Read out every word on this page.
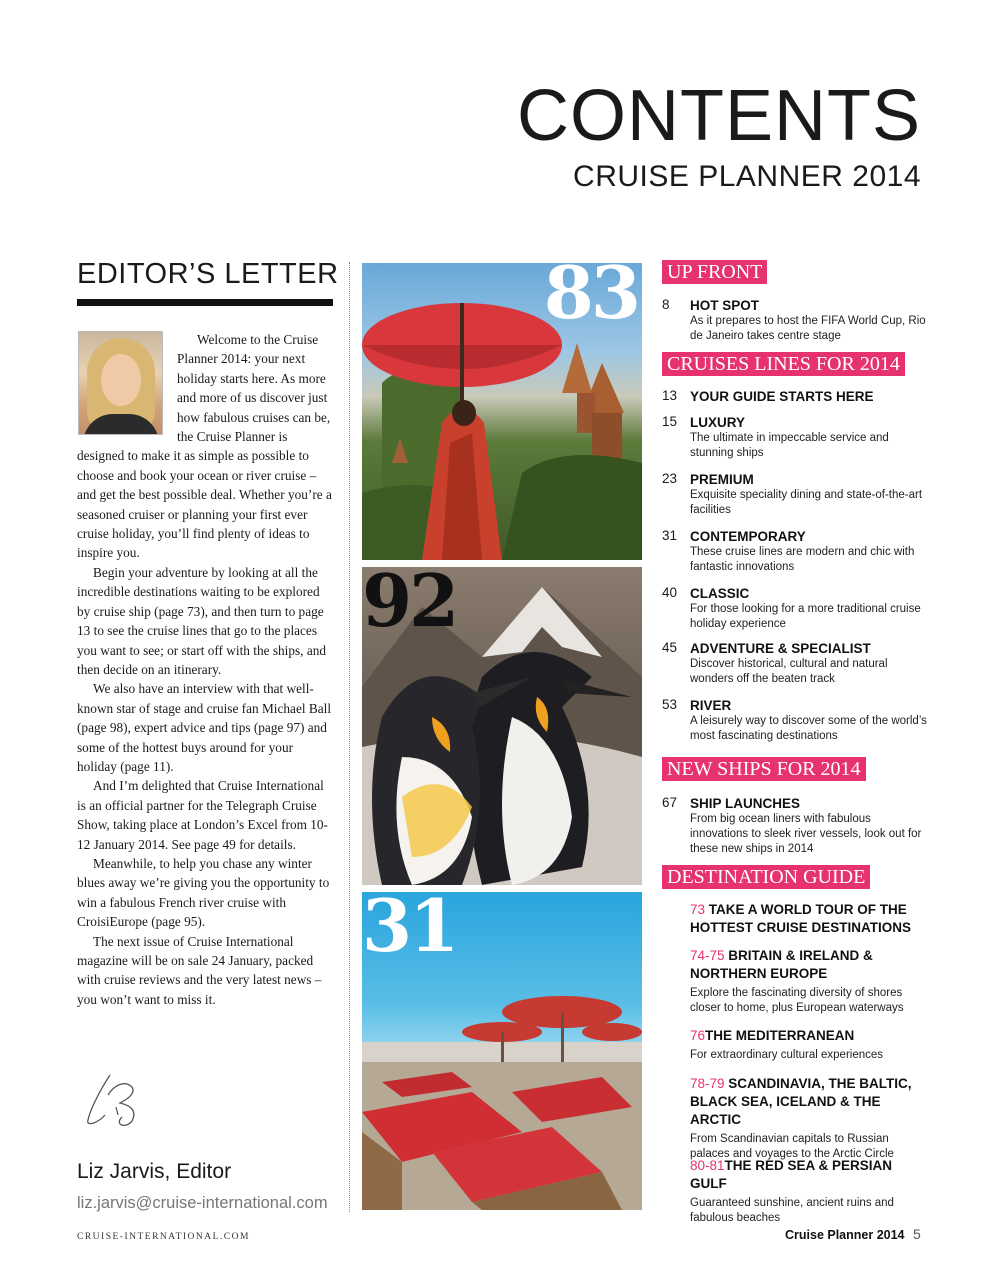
CONTENTS
CRUISE PLANNER 2014
EDITOR’S LETTER

Welcome to the Cruise Planner 2014: your next holiday starts here. As more and more of us discover just how fabulous cruises can be, the Cruise Planner is designed to make it as simple as possible to choose and book your ocean or river cruise – and get the best possible deal. Whether you’re a seasoned cruiser or planning your first ever cruise holiday, you’ll find plenty of ideas to inspire you.

Begin your adventure by looking at all the incredible destinations waiting to be explored by cruise ship (page 73), and then turn to page 13 to see the cruise lines that go to the places you want to see; or start off with the ships, and then decide on an itinerary.

We also have an interview with that well-known star of stage and cruise fan Michael Ball (page 98), expert advice and tips (page 97) and some of the hottest buys around for your holiday (page 11).

And I’m delighted that Cruise International is an official partner for the Telegraph Cruise Show, taking place at London’s Excel from 10-12 January 2014. See page 49 for details.

Meanwhile, to help you chase any winter blues away we’re giving you the opportunity to win a fabulous French river cruise with CroisiEurope (page 95).

The next issue of Cruise International magazine will be on sale 24 January, packed with cruise reviews and the very latest news – you won’t want to miss it.

Liz Jarvis, Editor
liz.jarvis@cruise-international.com
83
92
31
UP FRONT
8 HOT SPOT
As it prepares to host the FIFA World Cup, Rio de Janeiro takes centre stage
CRUISES LINES FOR 2014
13 YOUR GUIDE STARTS HERE
15 LUXURY
The ultimate in impeccable service and stunning ships
23 PREMIUM
Exquisite speciality dining and state-of-the-art facilities
31 CONTEMPORARY
These cruise lines are modern and chic with fantastic innovations
40 CLASSIC
For those looking for a more traditional cruise holiday experience
45 ADVENTURE & SPECIALIST
Discover historical, cultural and natural wonders off the beaten track
53 RIVER
A leisurely way to discover some of the world’s most fascinating destinations
NEW SHIPS FOR 2014
67 SHIP LAUNCHES
From big ocean liners with fabulous innovations to sleek river vessels, look out for these new ships in 2014
DESTINATION GUIDE
73 TAKE A WORLD TOUR OF THE HOTTEST CRUISE DESTINATIONS
74-75 BRITAIN & IRELAND & NORTHERN EUROPE
Explore the fascinating diversity of shores closer to home, plus European waterways
76THE MEDITERRANEAN
For extraordinary cultural experiences
78-79 SCANDINAVIA, THE BALTIC, BLACK SEA, ICELAND & THE ARCTIC
From Scandinavian capitals to Russian palaces and voyages to the Arctic Circle
80-81THE RED SEA & PERSIAN GULF
Guaranteed sunshine, ancient ruins and fabulous beaches
CRUISE-INTERNATIONAL.COM	Cruise Planner 2014 5
